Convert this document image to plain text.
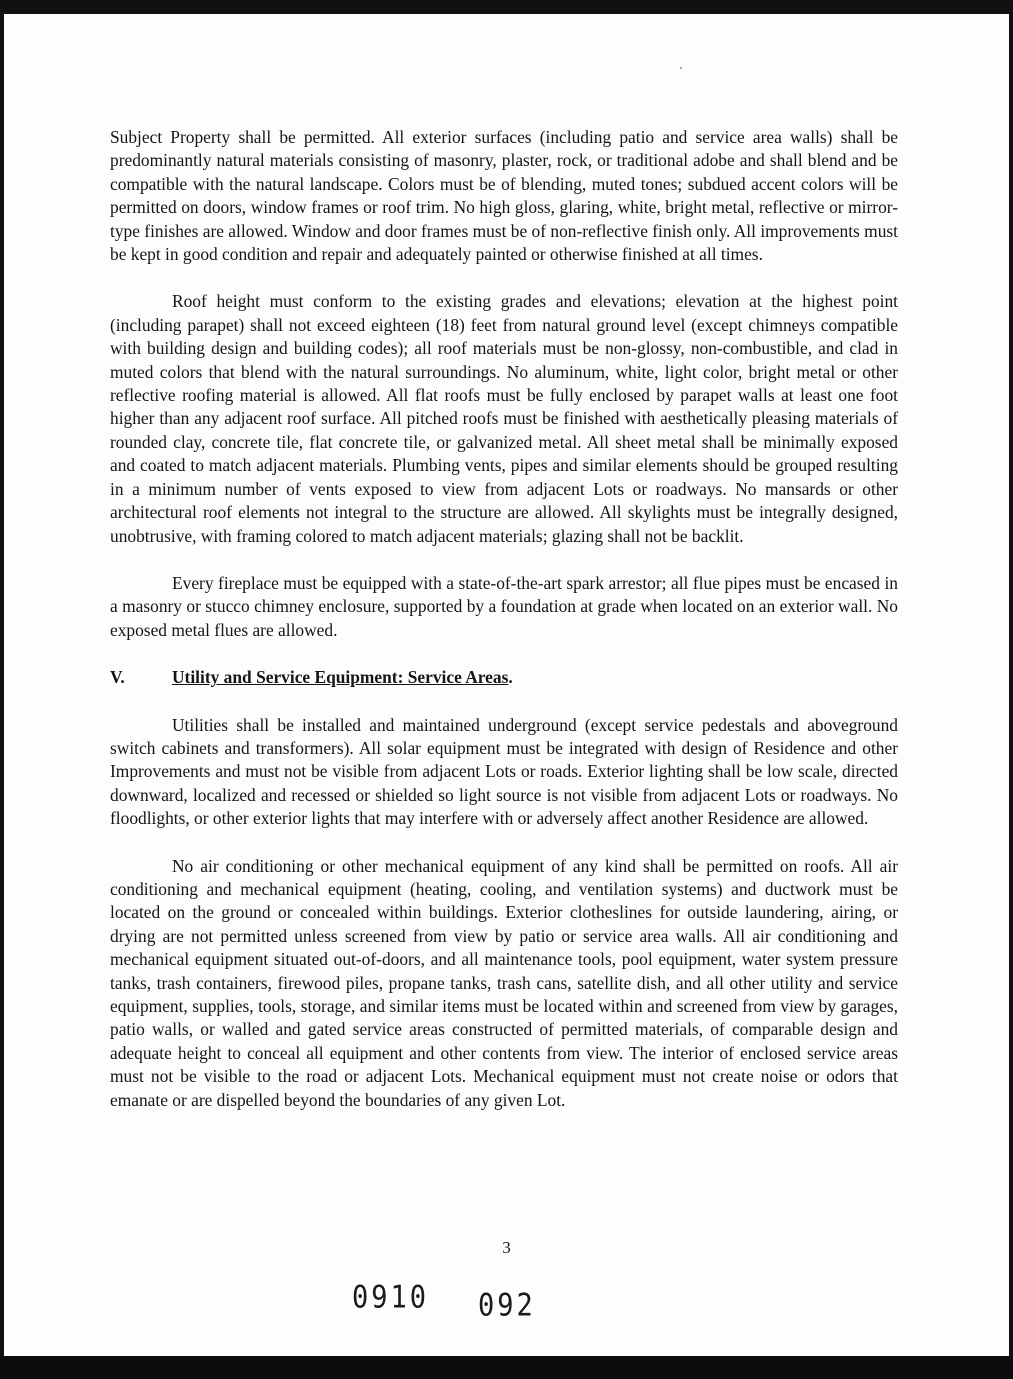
Subject Property shall be permitted. All exterior surfaces (including patio and service area walls) shall be predominantly natural materials consisting of masonry, plaster, rock, or traditional adobe and shall blend and be compatible with the natural landscape. Colors must be of blending, muted tones; subdued accent colors will be permitted on doors, window frames or roof trim. No high gloss, glaring, white, bright metal, reflective or mirror-type finishes are allowed. Window and door frames must be of non-reflective finish only. All improvements must be kept in good condition and repair and adequately painted or otherwise finished at all times.

Roof height must conform to the existing grades and elevations; elevation at the highest point (including parapet) shall not exceed eighteen (18) feet from natural ground level (except chimneys compatible with building design and building codes); all roof materials must be non-glossy, non-combustible, and clad in muted colors that blend with the natural surroundings. No aluminum, white, light color, bright metal or other reflective roofing material is allowed. All flat roofs must be fully enclosed by parapet walls at least one foot higher than any adjacent roof surface. All pitched roofs must be finished with aesthetically pleasing materials of rounded clay, concrete tile, flat concrete tile, or galvanized metal. All sheet metal shall be minimally exposed and coated to match adjacent materials. Plumbing vents, pipes and similar elements should be grouped resulting in a minimum number of vents exposed to view from adjacent Lots or roadways. No mansards or other architectural roof elements not integral to the structure are allowed. All skylights must be integrally designed, unobtrusive, with framing colored to match adjacent materials; glazing shall not be backlit.

Every fireplace must be equipped with a state-of-the-art spark arrestor; all flue pipes must be encased in a masonry or stucco chimney enclosure, supported by a foundation at grade when located on an exterior wall. No exposed metal flues are allowed.

V.	Utility and Service Equipment: Service Areas.

Utilities shall be installed and maintained underground (except service pedestals and aboveground switch cabinets and transformers). All solar equipment must be integrated with design of Residence and other Improvements and must not be visible from adjacent Lots or roads. Exterior lighting shall be low scale, directed downward, localized and recessed or shielded so light source is not visible from adjacent Lots or roadways. No floodlights, or other exterior lights that may interfere with or adversely affect another Residence are allowed.

No air conditioning or other mechanical equipment of any kind shall be permitted on roofs. All air conditioning and mechanical equipment (heating, cooling, and ventilation systems) and ductwork must be located on the ground or concealed within buildings. Exterior clotheslines for outside laundering, airing, or drying are not permitted unless screened from view by patio or service area walls. All air conditioning and mechanical equipment situated out-of-doors, and all maintenance tools, pool equipment, water system pressure tanks, trash containers, firewood piles, propane tanks, trash cans, satellite dish, and all other utility and service equipment, supplies, tools, storage, and similar items must be located within and screened from view by garages, patio walls, or walled and gated service areas constructed of permitted materials, of comparable design and adequate height to conceal all equipment and other contents from view. The interior of enclosed service areas must not be visible to the road or adjacent Lots. Mechanical equipment must not create noise or odors that emanate or are dispelled beyond the boundaries of any given Lot.

3
0910 092
